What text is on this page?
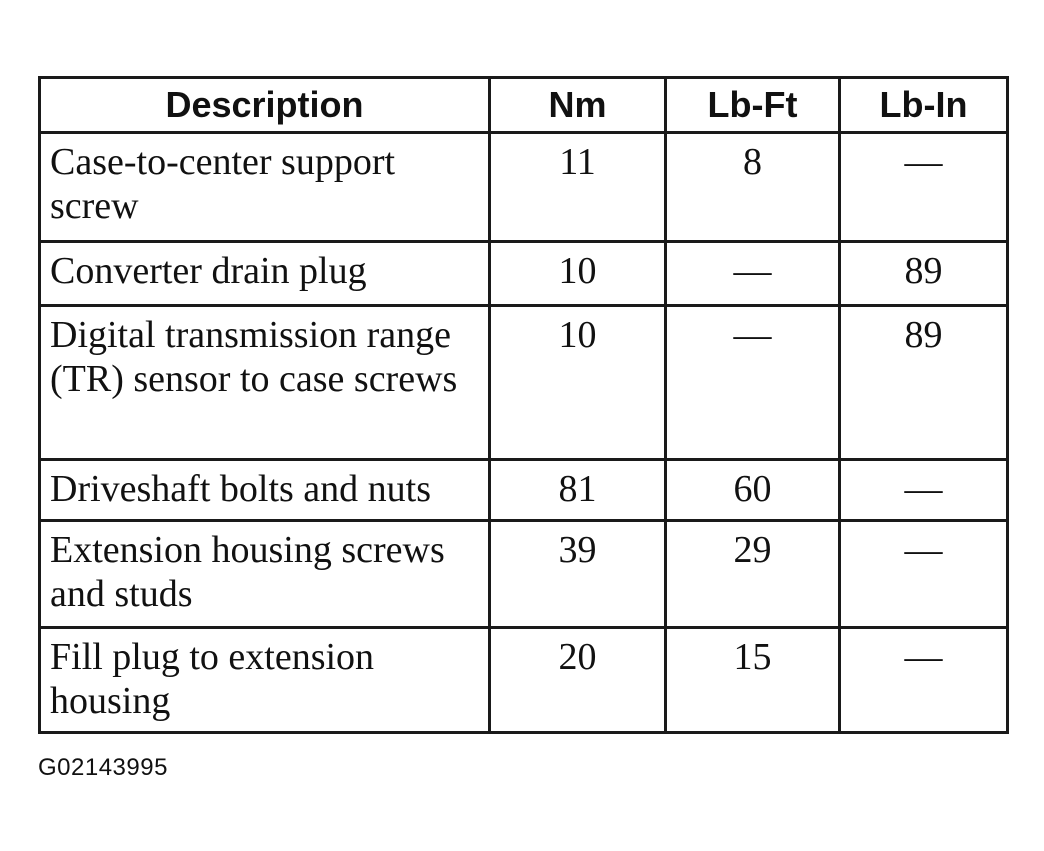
Description	Nm	Lb-Ft	Lb-In
Case-to-center support screw	11	8	—
Converter drain plug	10	—	89
Digital transmission range (TR) sensor to case screws	10	—	89
Driveshaft bolts and nuts	81	60	—
Extension housing screws and studs	39	29	—
Fill plug to extension housing	20	15	—
G02143995
